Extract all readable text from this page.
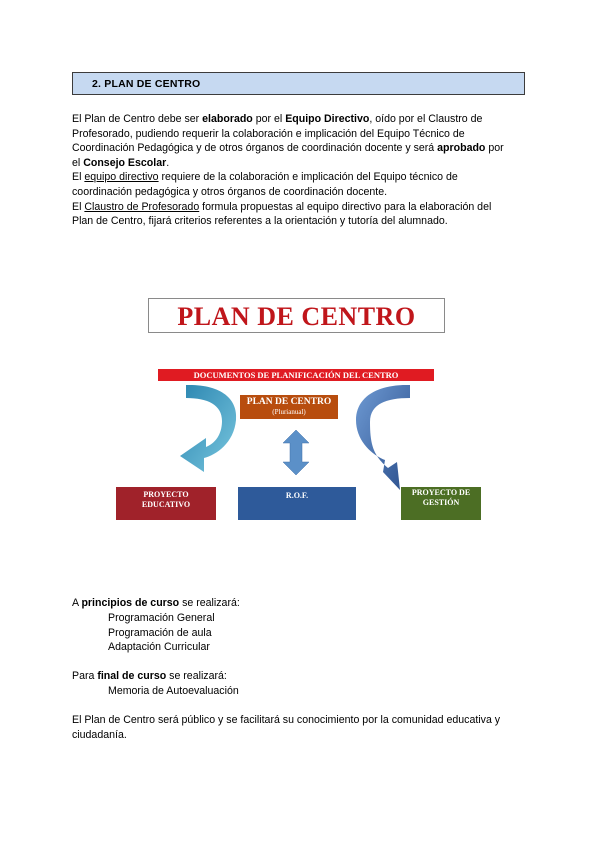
2. PLAN DE CENTRO
El Plan de Centro debe ser elaborado por el Equipo Directivo, oído por el Claustro de
Profesorado, pudiendo requerir la colaboración e implicación del Equipo Técnico de
Coordinación Pedagógica y de otros órganos de coordinación docente y será aprobado por
el Consejo Escolar.
El equipo directivo requiere de la colaboración e implicación del Equipo técnico de
coordinación pedagógica y otros órganos de coordinación docente.
El Claustro de Profesorado formula propuestas al equipo directivo para la elaboración del
Plan de Centro, fijará criterios referentes a la orientación y tutoría del alumnado.
PLAN DE CENTRO
DOCUMENTOS DE PLANIFICACIÓN DEL CENTRO
PLAN DE CENTRO
(Plurianual)
PROYECTO
EDUCATIVO
R.O.F.	PROYECTO DE
GESTIÓN
A principios de curso se realizará:
Programación General
Programación de aula
Adaptación Curricular
Para final de curso se realizará:
Memoria de Autoevaluación
El Plan de Centro será público y se facilitará su conocimiento por la comunidad educativa y
ciudadanía.
